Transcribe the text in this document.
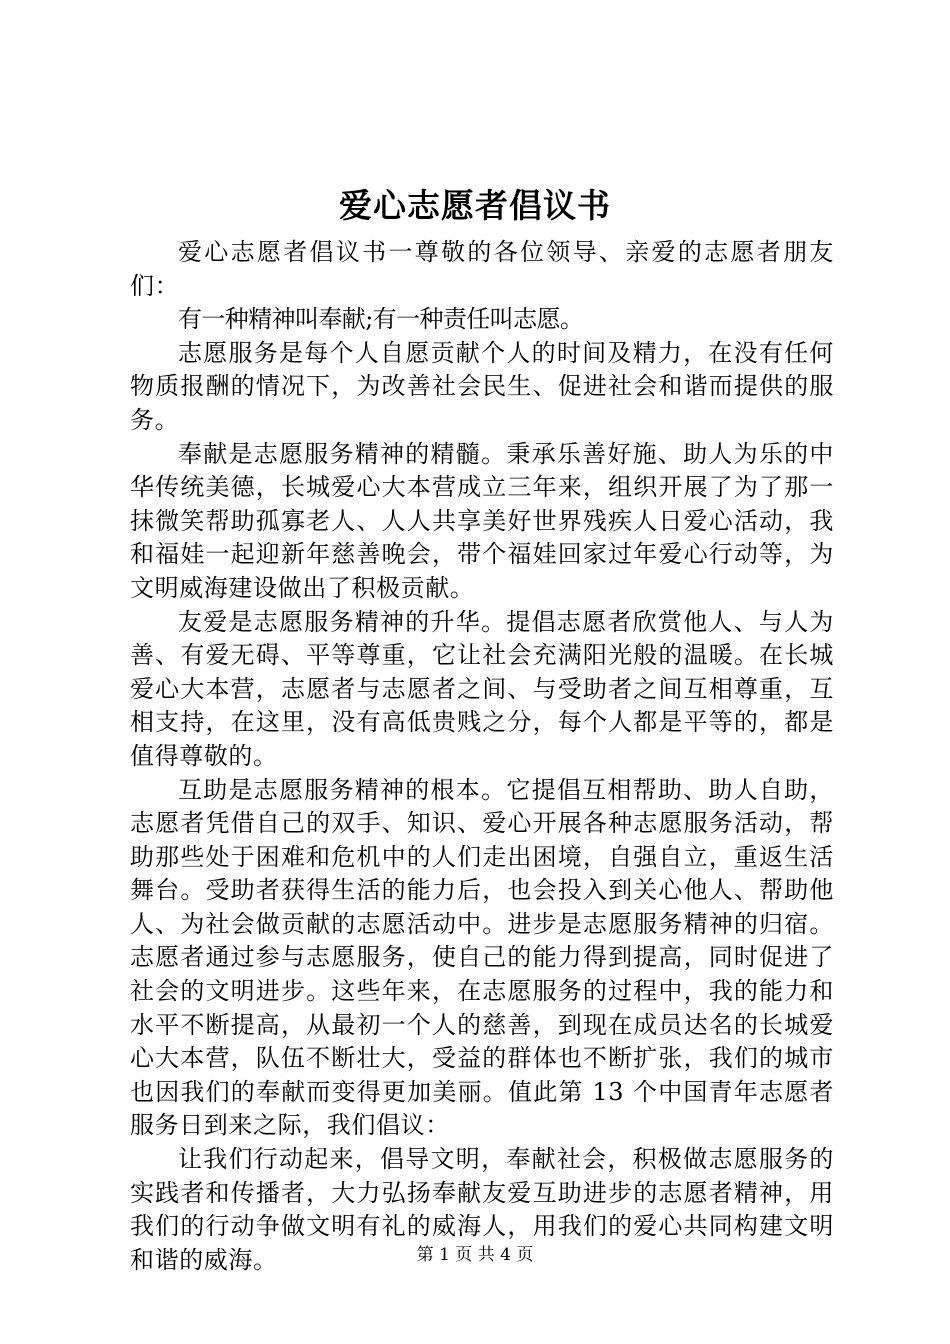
爱心志愿者倡议书

爱心志愿者倡议书一尊敬的各位领导、亲爱的志愿者朋友们：

有一种精神叫奉献;有一种责任叫志愿。

志愿服务是每个人自愿贡献个人的时间及精力，在没有任何物质报酬的情况下，为改善社会民生、促进社会和谐而提供的服务。

奉献是志愿服务精神的精髓。秉承乐善好施、助人为乐的中华传统美德，长城爱心大本营成立三年来，组织开展了为了那一抹微笑帮助孤寡老人、人人共享美好世界残疾人日爱心活动，我和福娃一起迎新年慈善晚会，带个福娃回家过年爱心行动等，为文明威海建设做出了积极贡献。

友爱是志愿服务精神的升华。提倡志愿者欣赏他人、与人为善、有爱无碍、平等尊重，它让社会充满阳光般的温暖。在长城爱心大本营，志愿者与志愿者之间、与受助者之间互相尊重，互相支持，在这里，没有高低贵贱之分，每个人都是平等的，都是值得尊敬的。

互助是志愿服务精神的根本。它提倡互相帮助、助人自助，志愿者凭借自己的双手、知识、爱心开展各种志愿服务活动，帮助那些处于困难和危机中的人们走出困境，自强自立，重返生活舞台。受助者获得生活的能力后，也会投入到关心他人、帮助他人、为社会做贡献的志愿活动中。进步是志愿服务精神的归宿。志愿者通过参与志愿服务，使自己的能力得到提高，同时促进了社会的文明进步。这些年来，在志愿服务的过程中，我的能力和水平不断提高，从最初一个人的慈善，到现在成员达名的长城爱心大本营，队伍不断壮大，受益的群体也不断扩张，我们的城市也因我们的奉献而变得更加美丽。值此第 13 个中国青年志愿者服务日到来之际，我们倡议：

让我们行动起来，倡导文明，奉献社会，积极做志愿服务的实践者和传播者，大力弘扬奉献友爱互助进步的志愿者精神，用我们的行动争做文明有礼的威海人，用我们的爱心共同构建文明和谐的威海。	第 1 页 共 4 页
